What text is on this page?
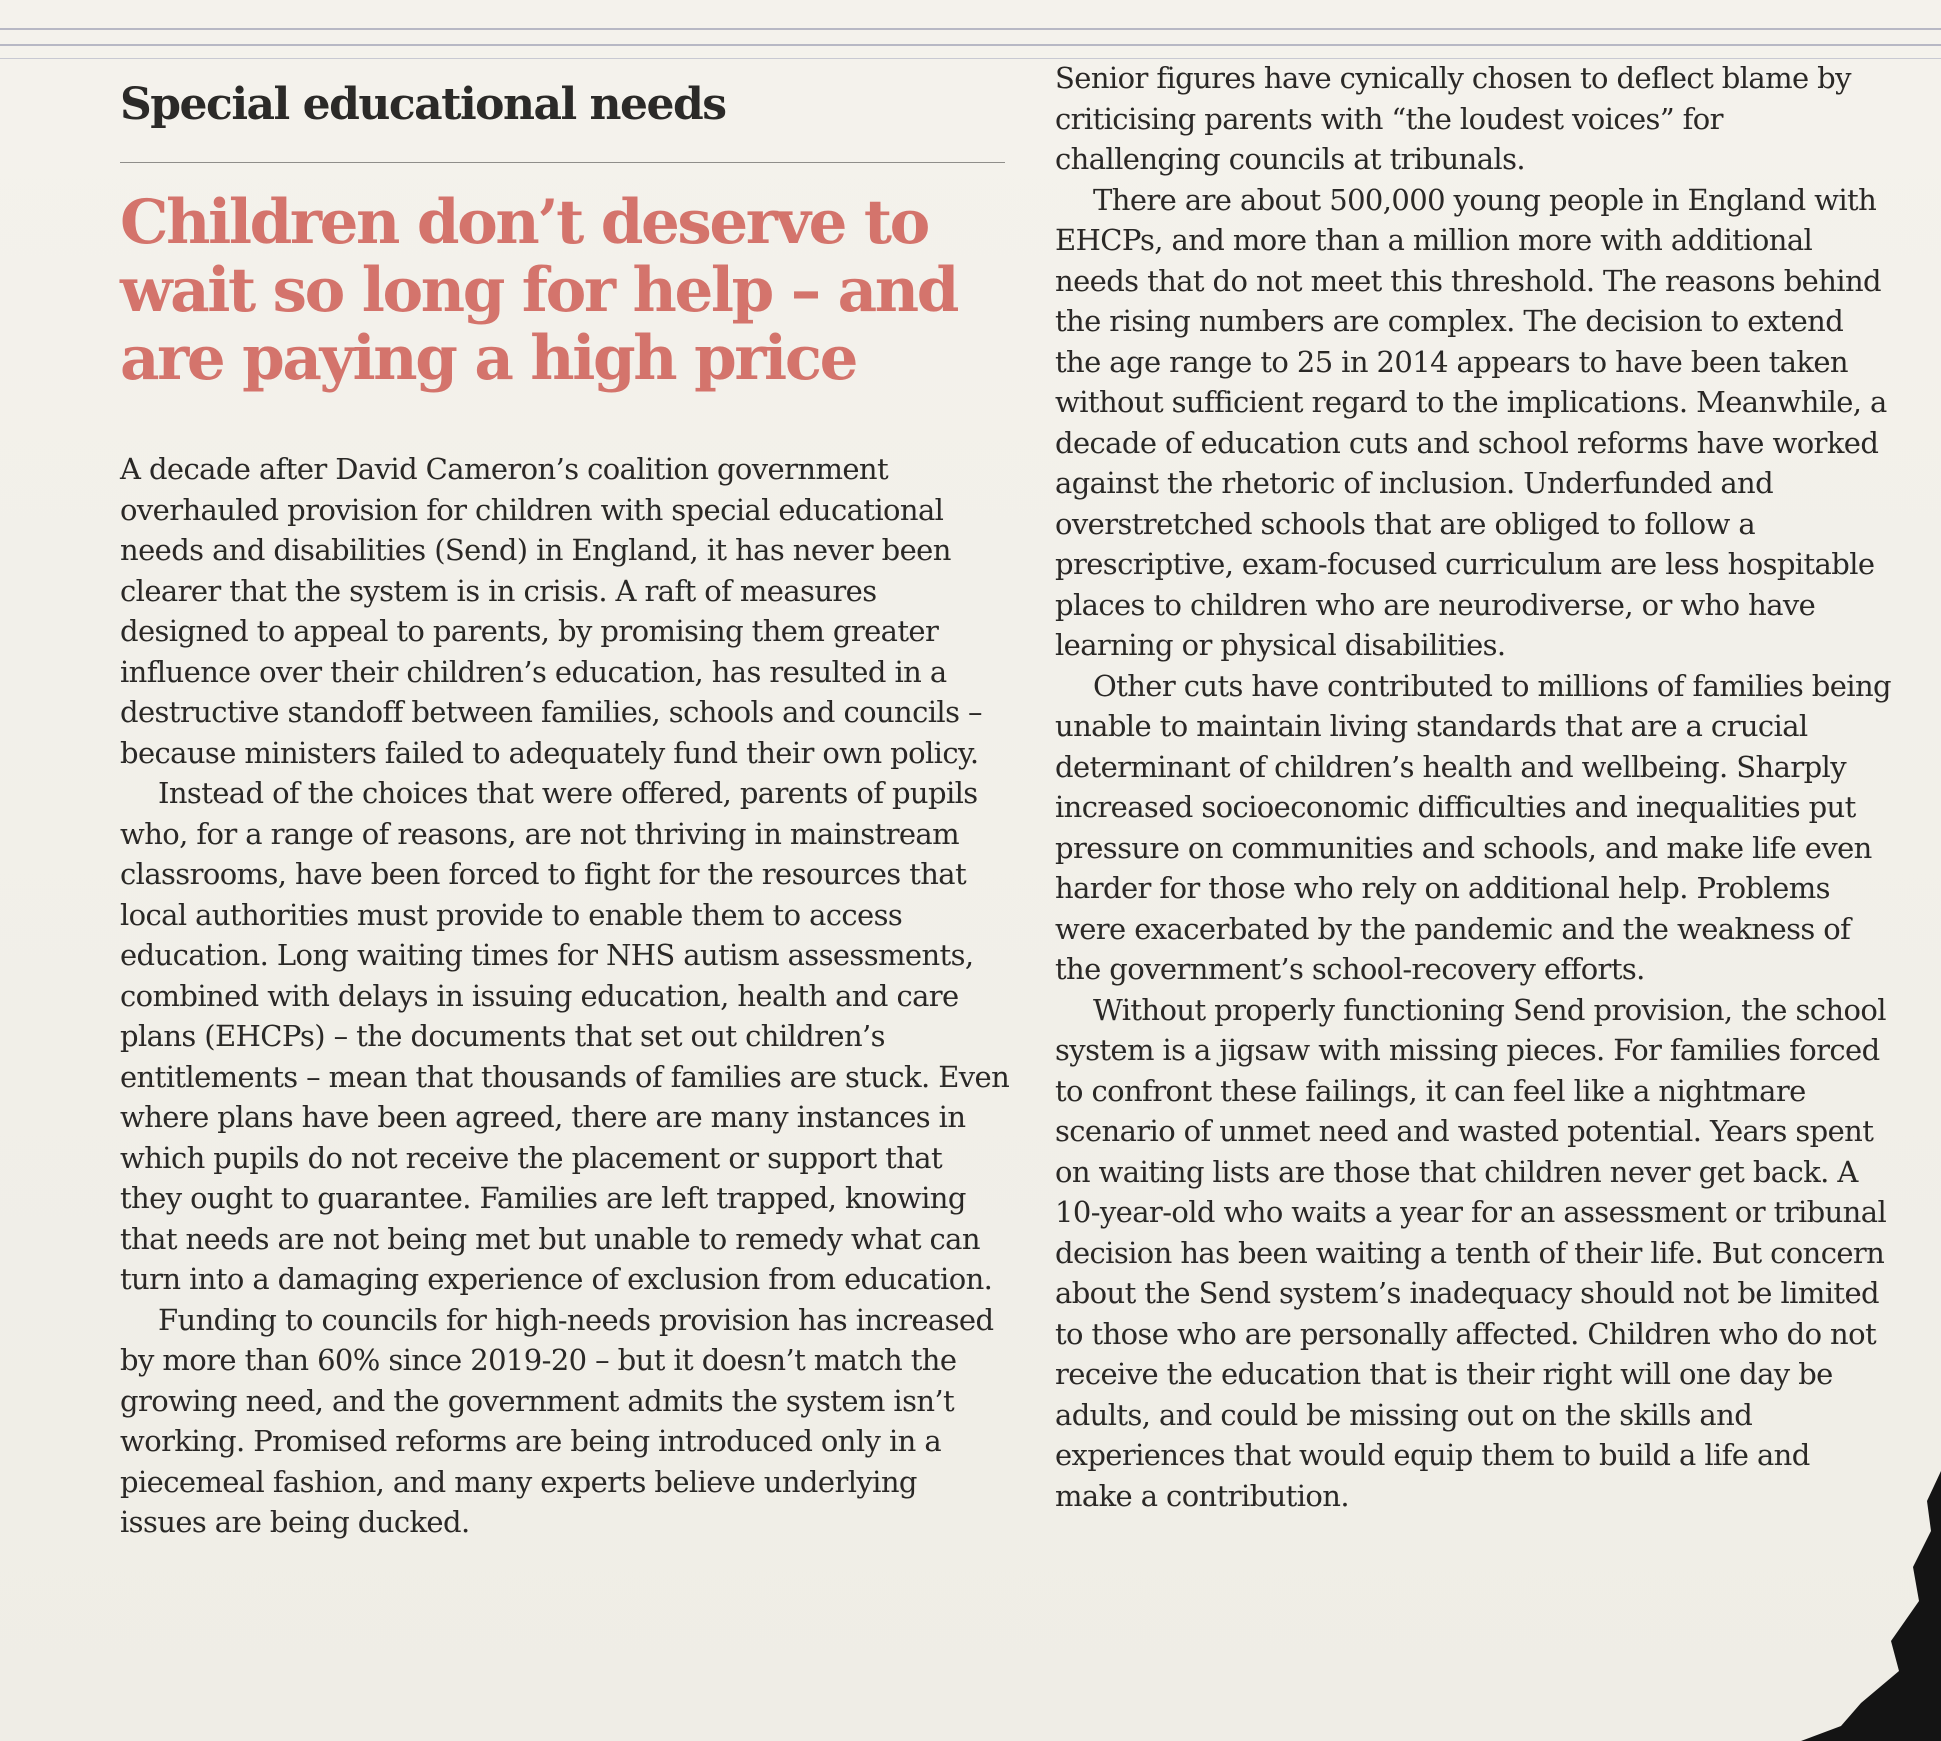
Special educational needs
Children don’t deserve to wait so long for help – and are paying a high price

A decade after David Cameron’s coalition government overhauled provision for children with special educational needs and disabilities (Send) in England, it has never been clearer that the system is in crisis. A raft of measures designed to appeal to parents, by promising them greater influence over their children’s education, has resulted in a destructive standoff between families, schools and councils – because ministers failed to adequately fund their own policy.

Instead of the choices that were offered, parents of pupils who, for a range of reasons, are not thriving in mainstream classrooms, have been forced to fight for the resources that local authorities must provide to enable them to access education. Long waiting times for NHS autism assessments, combined with delays in issuing education, health and care plans (EHCPs) – the documents that set out children’s entitlements – mean that thousands of families are stuck. Even where plans have been agreed, there are many instances in which pupils do not receive the placement or support that they ought to guarantee. Families are left trapped, knowing that needs are not being met but unable to remedy what can turn into a damaging experience of exclusion from education.

Funding to councils for high-needs provision has increased by more than 60% since 2019-20 – but it doesn’t match the growing need, and the government admits the system isn’t working. Promised reforms are being introduced only in a piecemeal fashion, and many experts believe underlying issues are being ducked.

Senior figures have cynically chosen to deflect blame by criticising parents with “the loudest voices” for challenging councils at tribunals.

There are about 500,000 young people in England with EHCPs, and more than a million more with additional needs that do not meet this threshold. The reasons behind the rising numbers are complex. The decision to extend the age range to 25 in 2014 appears to have been taken without sufficient regard to the implications. Meanwhile, a decade of education cuts and school reforms have worked against the rhetoric of inclusion. Underfunded and overstretched schools that are obliged to follow a prescriptive, exam-focused curriculum are less hospitable places to children who are neurodiverse, or who have learning or physical disabilities.

Other cuts have contributed to millions of families being unable to maintain living standards that are a crucial determinant of children’s health and wellbeing. Sharply increased socioeconomic difficulties and inequalities put pressure on communities and schools, and make life even harder for those who rely on additional help. Problems were exacerbated by the pandemic and the weakness of the government’s school-recovery efforts.

Without properly functioning Send provision, the school system is a jigsaw with missing pieces. For families forced to confront these failings, it can feel like a nightmare scenario of unmet need and wasted potential. Years spent on waiting lists are those that children never get back. A 10-year-old who waits a year for an assessment or tribunal decision has been waiting a tenth of their life. But concern about the Send system’s inadequacy should not be limited to those who are personally affected. Children who do not receive the education that is their right will one day be adults, and could be missing out on the skills and experiences that would equip them to build a life and make a contribution.
